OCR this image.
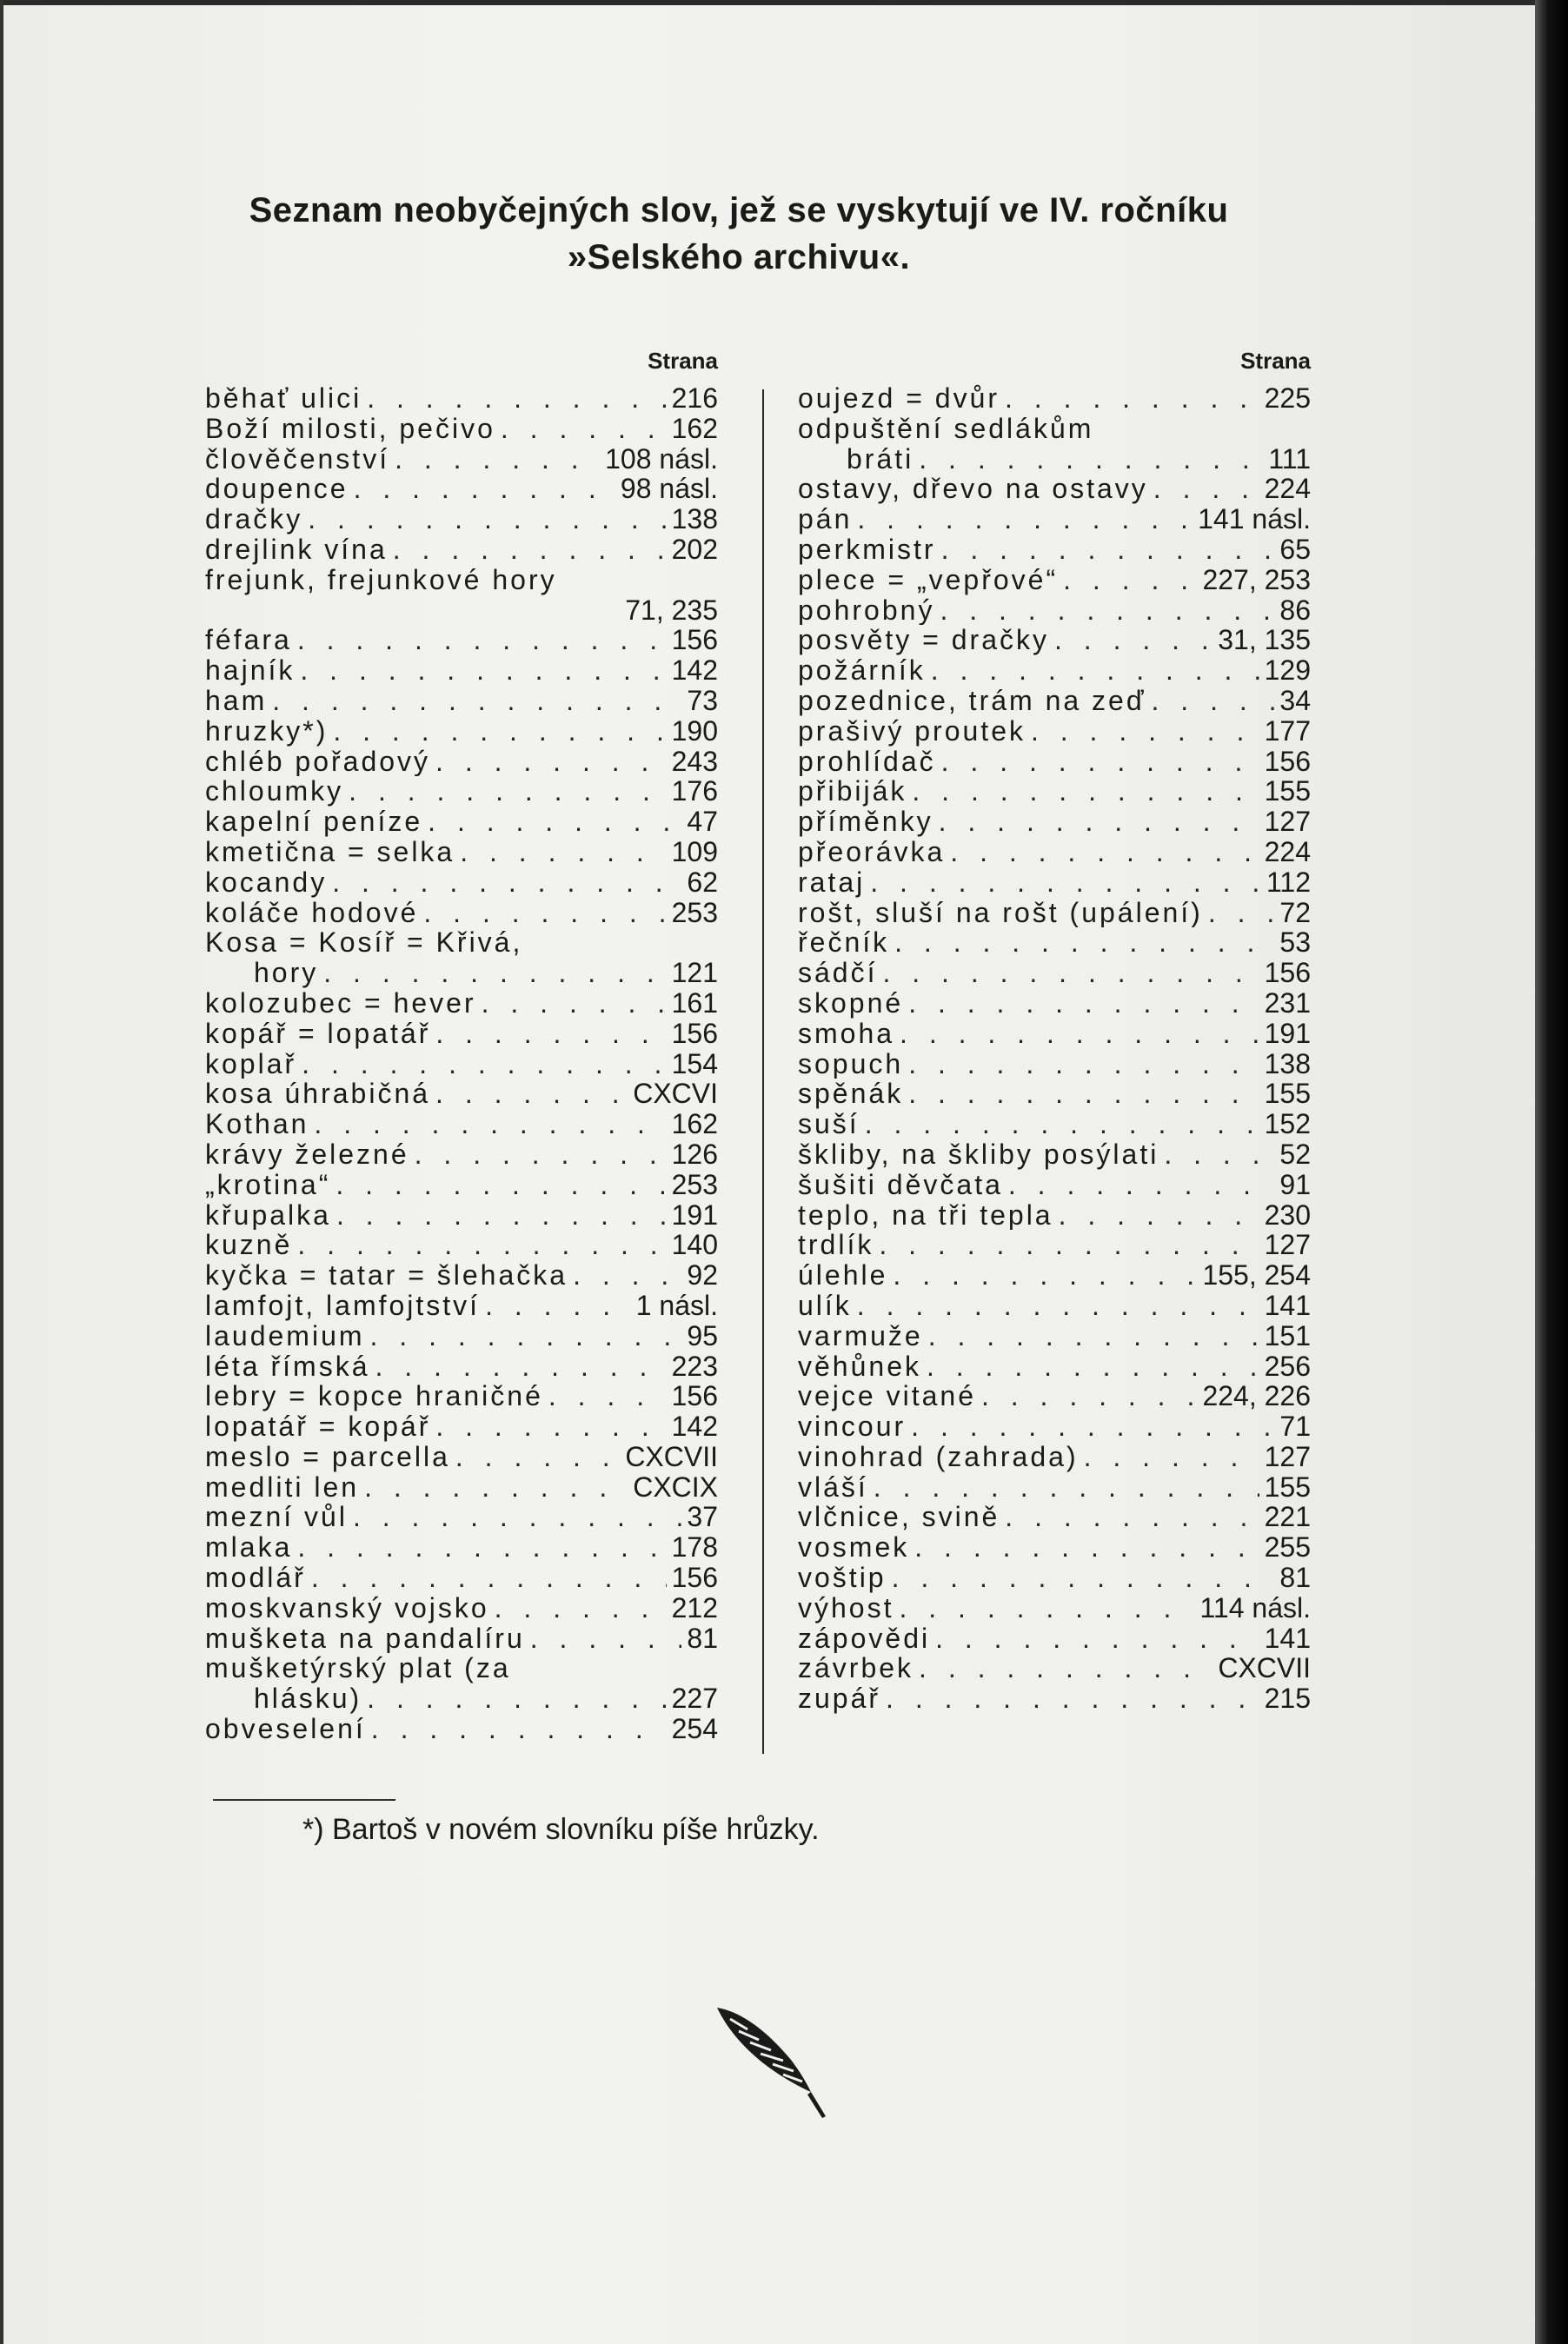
Seznam neobyčejných slov, jež se vyskytují ve IV. ročníku
»Selského archivu«.
Strana
běhať ulici . . .	216
Boží milosti, pečivo . . .	162
člověčenství . . .	108 násl.
doupence . . .	98 násl.
dračky . . .	138
drejlink vína . . .	202
frejunk, frejunkové hory
71, 235
féfara . . .	156
hajník . . .	142
ham . . .	73
hruzky*) . . .	190
chléb pořadový . . .	243
chloumky . . .	176
kapelní peníze . . .	47
kmetična = selka . . .	109
kocandy . . .	62
koláče hodové . . .	253
Kosa = Kosíř = Křivá,
hory . . .	121
kolozubec = hever . . .	161
kopář = lopatář . . .	156
koplař . . .	154
kosa úhrabičná . . .	CXCVI
Kothan . . .	162
krávy železné . . .	126
„krotina“ . . .	253
křupalka . . .	191
kuzně . . .	140
kyčka = tatar = šlehačka . . .	92
lamfojt, lamfojtství . . .	1 násl.
laudemium . . .	95
léta římská . . .	223
lebry = kopce hraničné . . .	156
lopatář = kopář . . .	142
meslo = parcella . . .	CXCVII
medliti len . . .	CXCIX
mezní vůl . . .	37
mlaka . . .	178
modlář . . .	156
moskvanský vojsko . . .	212
mušketa na pandalíru . . .	81
mušketýrský plat (za
hlásku) . . .	227
obveselení . . .	254
Strana
oujezd = dvůr . . .	225
odpuštění sedlákům
bráti . . .	111
ostavy, dřevo na ostavy . . .	224
pán . . .	141 násl.
perkmistr . . .	65
plece = „vepřové“ . . .	227, 253
pohrobný . . .	86
posvěty = dračky . . .	31, 135
požárník . . .	129
pozednice, trám na zeď . . .	34
prašivý proutek . . .	177
prohlídač . . .	156
přibiják . . .	155
příměnky . . .	127
přeorávka . . .	224
rataj . . .	112
rošt, sluší na rošt (upálení) . . .	72
řečník . . .	53
sádčí . . .	156
skopné . . .	231
smoha . . .	191
sopuch . . .	138
spěnák . . .	155
suší . . .	152
škliby, na škliby posýlati . . .	52
šušiti děvčata . . .	91
teplo, na tři tepla . . .	230
trdlík . . .	127
úlehle . . .	155, 254
ulík . . .	141
varmuže . . .	151
věhůnek . . .	256
vejce vitané . . .	224, 226
vincour . . .	71
vinohrad (zahrada) . . .	127
vláší . . .	155
vlčnice, svině . . .	221
vosmek . . .	255
voštip . . .	81
výhost . . .	114 násl.
zápovědi . . .	141
závrbek . . .	CXCVII
zupář . . .	215
*) Bartoš v novém slovníku píše hrůzky.
